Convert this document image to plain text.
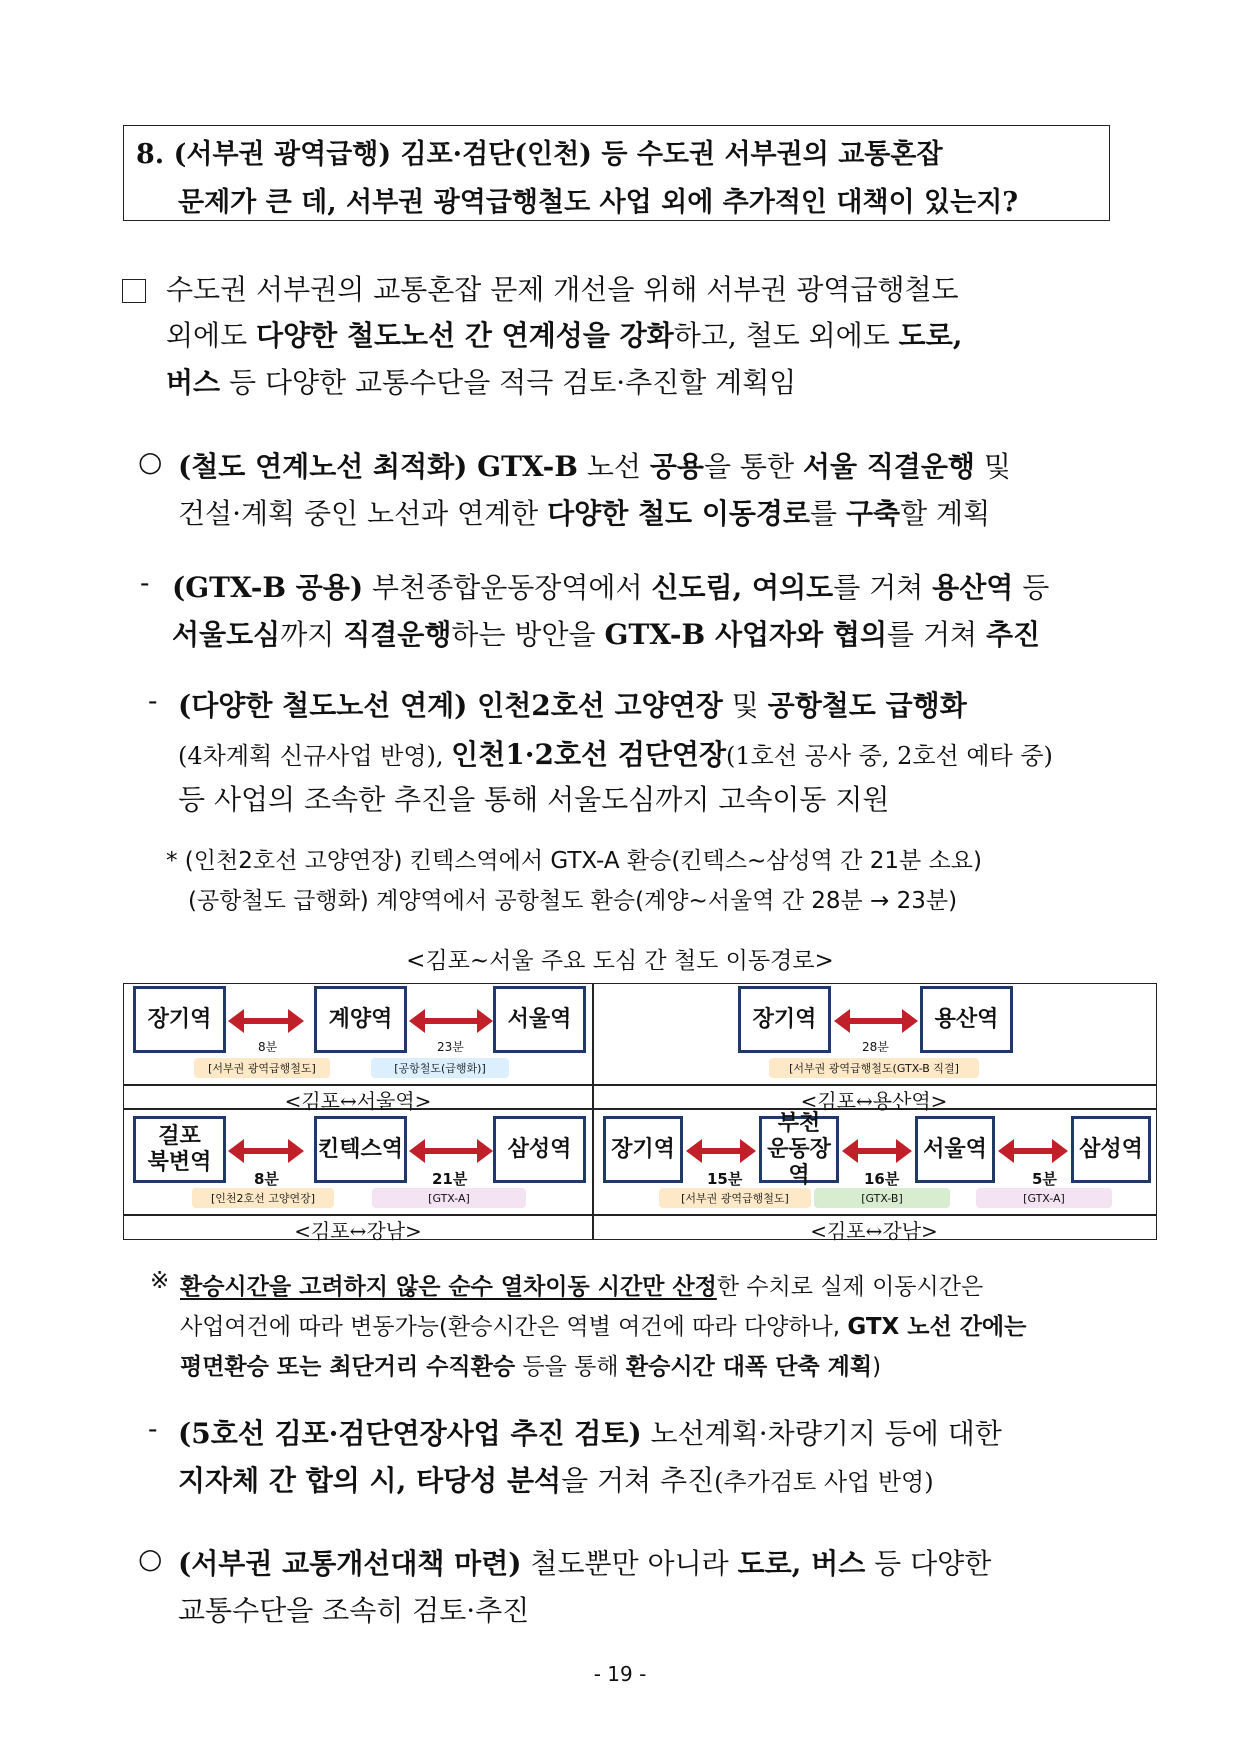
8. (서부권 광역급행) 김포·검단(인천) 등 수도권 서부권의 교통혼잡
문제가 큰 데, 서부권 광역급행철도 사업 외에 추가적인 대책이 있는지?
수도권 서부권의 교통혼잡 문제 개선을 위해 서부권 광역급행철도
외에도 다양한 철도노선 간 연계성을 강화하고, 철도 외에도 도로,
버스 등 다양한 교통수단을 적극 검토·추진할 계획임
○ (철도 연계노선 최적화) GTX-B 노선 공용을 통한 서울 직결운행 및
건설·계획 중인 노선과 연계한 다양한 철도 이동경로를 구축할 계획
- (GTX-B 공용) 부천종합운동장역에서 신도림, 여의도를 거쳐 용산역 등
서울도심까지 직결운행하는 방안을 GTX-B 사업자와 협의를 거쳐 추진
- (다양한 철도노선 연계) 인천2호선 고양연장 및 공항철도 급행화
(4차계획 신규사업 반영), 인천1·2호선 검단연장(1호선 공사 중, 2호선 예타 중)
등 사업의 조속한 추진을 통해 서울도심까지 고속이동 지원
* (인천2호선 고양연장) 킨텍스역에서 GTX-A 환승(킨텍스~삼성역 간 21분 소요)
(공항철도 급행화) 계양역에서 공항철도 환승(계양~서울역 간 28분 → 23분)
<김포~서울 주요 도심 간 철도 이동경로>
장기역	계양역	서울역
8분	23분
[서부권 광역급행철도]	[공항철도(급행화)]
<김포↔서울역>
장기역	용산역
28분
[서부권 광역급행철도(GTX-B 직결]
<김포↔용산역>
걸포
북변역
킨텍스역	삼성역
8분	21분
[인천2호선 고양연장]	[GTX-A]
<김포↔강남>
장기역
부천
운동장역
서울역	삼성역
15분	16분	5분
[서부권 광역급행철도]	[GTX-B]	[GTX-A]
<김포↔강남>
※ 환승시간을 고려하지 않은 순수 열차이동 시간만 산정한 수치로 실제 이동시간은
사업여건에 따라 변동가능(환승시간은 역별 여건에 따라 다양하나, GTX 노선 간에는
평면환승 또는 최단거리 수직환승 등을 통해 환승시간 대폭 단축 계획)
- (5호선 김포·검단연장사업 추진 검토) 노선계획·차량기지 등에 대한
지자체 간 합의 시, 타당성 분석을 거쳐 추진(추가검토 사업 반영)
○ (서부권 교통개선대책 마련) 철도뿐만 아니라 도로, 버스 등 다양한
교통수단을 조속히 검토·추진
- 19 -
